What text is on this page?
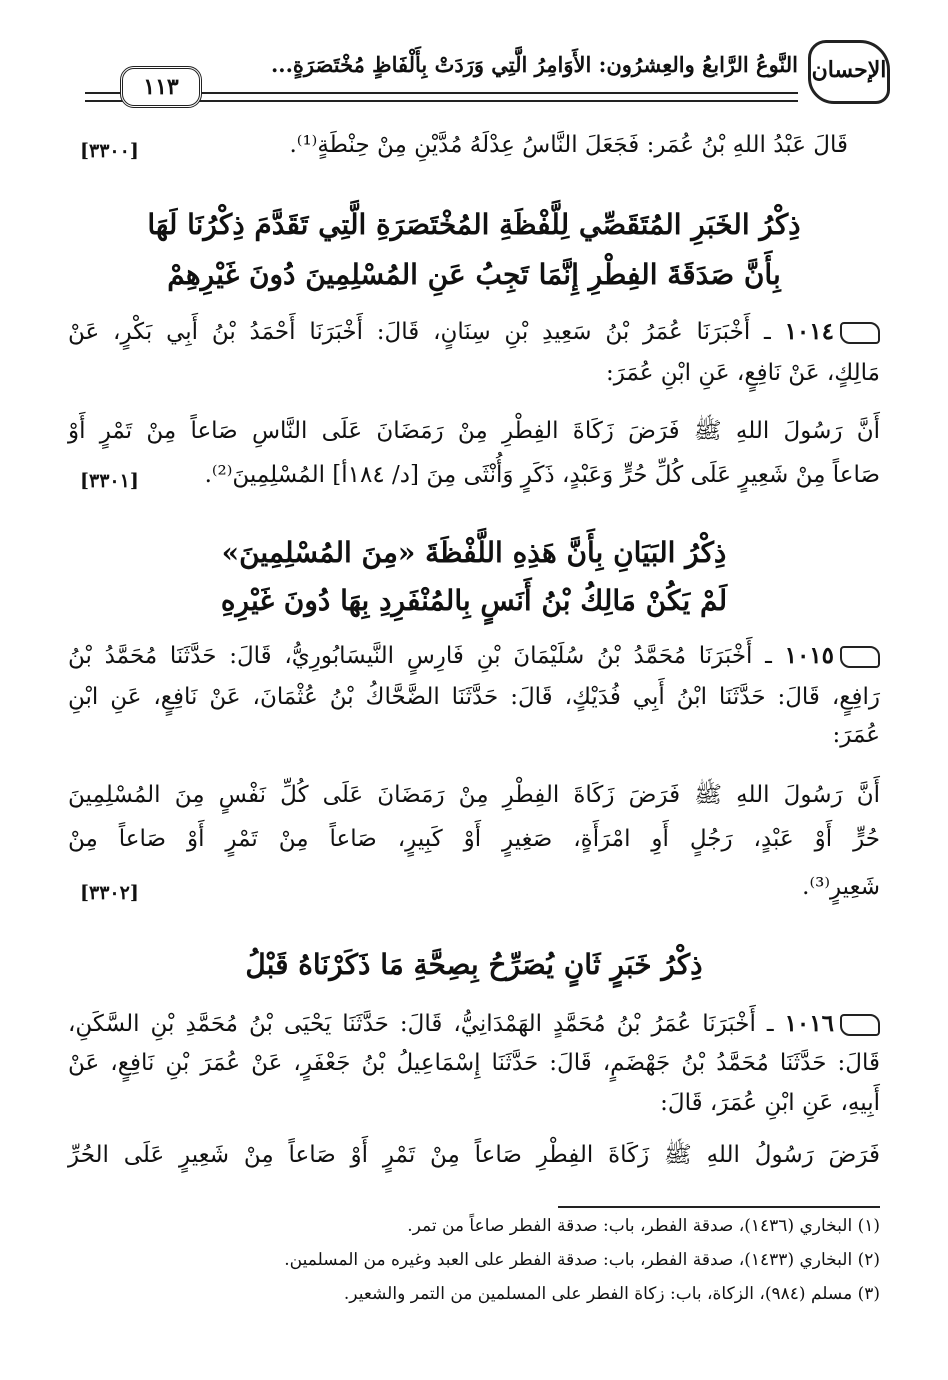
الإحسان
النَّوعُ الرَّابعُ والعِشرُون: الأَوَامِرُ الَّتِي وَرَدَتْ بِأَلْفَاظٍ مُخْتَصَرَةٍ...
١١٣
قَالَ عَبْدُ اللهِ بْنُ عُمَر: فَجَعَلَ النَّاسُ عِدْلَهُ مُدَّيْنِ مِنْ حِنْطَةٍ⁽¹⁾.
[٣٣٠٠]
ذِكْرُ الخَبَرِ المُتَقَصِّي لِلَّفْظَةِ المُخْتَصَرَةِ الَّتِي تَقَدَّمَ ذِكْرُنَا لَهَا
بِأَنَّ صَدَقَةَ الفِطْرِ إِنَّمَا تَجِبُ عَنِ المُسْلِمِينَ دُونَ غَيْرِهِمْ
١٠١٤ ـ أَخْبَرَنَا عُمَرُ بْنُ سَعِيدِ بْنِ سِنَانٍ، قَالَ: أَخْبَرَنَا أَحْمَدُ بْنُ أَبِي بَكْرٍ، عَنْ
مَالِكٍ، عَنْ نَافِعٍ، عَنِ ابْنِ عُمَرَ:
أَنَّ رَسُولَ اللهِ ﷺ فَرَضَ زَكَاةَ الفِطْرِ مِنْ رَمَضَانَ عَلَى النَّاسِ صَاعاً مِنْ تَمْرٍ أَوْ
صَاعاً مِنْ شَعِيرٍ عَلَى كُلِّ حُرٍّ وَعَبْدٍ، ذَكَرٍ وَأُنْثَى مِنَ [د/ ١٨٤أ] المُسْلِمِينَ⁽²⁾.
[٣٣٠١]
ذِكْرُ البَيَانِ بِأَنَّ هَذِهِ اللَّفْظَةَ «مِنَ المُسْلِمِينَ»
لَمْ يَكُنْ مَالِكُ بْنُ أَنَسٍ بِالمُنْفَرِدِ بِهَا دُونَ غَيْرِهِ
١٠١٥ ـ أَخْبَرَنَا مُحَمَّدُ بْنُ سُلَيْمَانَ بْنِ فَارِسٍ النَّيسَابُورِيُّ، قَالَ: حَدَّثَنَا مُحَمَّدُ بْنُ
رَافِعٍ، قَالَ: حَدَّثَنَا ابْنُ أَبِي فُدَيْكٍ، قَالَ: حَدَّثَنَا الضَّحَّاكُ بْنُ عُثْمَانَ، عَنْ نَافِعٍ، عَنِ ابْنِ
عُمَرَ:
أَنَّ رَسُولَ اللهِ ﷺ فَرَضَ زَكَاةَ الفِطْرِ مِنْ رَمَضَانَ عَلَى كُلِّ نَفْسٍ مِنَ المُسْلِمِينَ
حُرٍّ أَوْ عَبْدٍ، رَجُلٍ أَوِ امْرَأَةٍ، صَغِيرٍ أَوْ كَبِيرٍ، صَاعاً مِنْ تَمْرٍ أَوْ صَاعاً مِنْ
شَعِيرٍ⁽³⁾.
[٣٣٠٢]
ذِكْرُ خَبَرٍ ثَانٍ يُصَرِّحُ بِصِحَّةِ مَا ذَكَرْنَاهُ قَبْلُ
١٠١٦ ـ أَخْبَرَنَا عُمَرُ بْنُ مُحَمَّدٍ الهَمْدَانِيُّ، قَالَ: حَدَّثَنَا يَحْيَى بْنُ مُحَمَّدِ بْنِ السَّكَنِ،
قَالَ: حَدَّثَنَا مُحَمَّدُ بْنُ جَهْضَمٍ، قَالَ: حَدَّثَنَا إِسْمَاعِيلُ بْنُ جَعْفَرٍ، عَنْ عُمَرَ بْنِ نَافِعٍ، عَنْ
أَبِيهِ، عَنِ ابْنِ عُمَرَ، قَالَ:
فَرَضَ رَسُولُ اللهِ ﷺ زَكَاةَ الفِطْرِ صَاعاً مِنْ تَمْرٍ أَوْ صَاعاً مِنْ شَعِيرٍ عَلَى الحُرِّ
(١) البخاري (١٤٣٦)، صدقة الفطر، باب: صدقة الفطر صاعاً من تمر.
(٢) البخاري (١٤٣٣)، صدقة الفطر، باب: صدقة الفطر على العبد وغيره من المسلمين.
(٣) مسلم (٩٨٤)، الزكاة، باب: زكاة الفطر على المسلمين من التمر والشعير.
